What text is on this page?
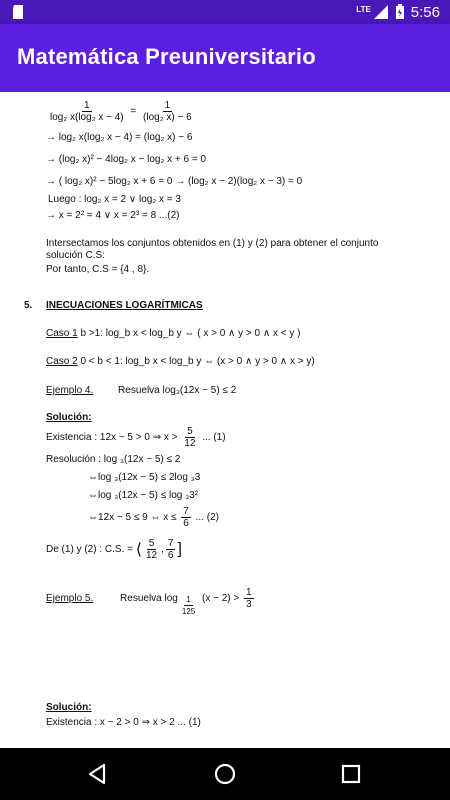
LTE	5:56
Matemática Preuniversitario
$\frac{1}{\text{log₂ x(log₂ x − 4)}} = \frac{1}{\text{(log₂ x) − 6}}$
→ log₂ x(log₂ x − 4) = (log₂ x) − 6
→ (log₂ x)² − 4log₂ x − log₂ x + 6 = 0
→ ( log₂ x)² − 5log₂ x + 6 = 0 → (log₂ x − 2)(log₂ x − 3) = 0
Luego : log₂ x = 2 ∨ log₂ x = 3
→ x = 2² = 4 ∨ x = 2³ = 8 ...(2)
Intersectamos los conjuntos obtenidos en (1) y (2) para obtener el conjunto
solución C.S:
Por tanto, C.S = {4 , 8}.
5. INECUACIONES LOGARÍTMICAS
Caso 1 b >1: log_b x < log_b y ⇔ ( x > 0 ∧ y > 0 ∧ x < y )
Caso 2 0 < b < 1: log_b x < log_b y ⇔ (x > 0 ∧ y > 0 ∧ x > y)
Ejemplo 4. Resuelva log₃(12x − 5) ≤ 2
Solución:
Existencia : 12x − 5 > 0 ⇒ $x > \frac{5}{12}$ ... (1)
Resolución : log ₃(12x − 5) ≤ 2
⇔log ₃(12x − 5) ≤ 2log ₃3
⇔log ₃(12x − 5) ≤ log ₃3²
⇔12x − 5 ≤ 9 ⇔ $x \le \frac{7}{6}$ ... (2)
De (1) y (2) : C.S. = ⟨ $\frac{5}{12}$ , $\frac{7}{6}$ ]
Ejemplo 5.	Resuelva $\log \frac{1}{125} (x - 2) > \frac{1}{3}$
Solución:
Existencia : x − 2 > 0 ⇒ x > 2 ... (1)
